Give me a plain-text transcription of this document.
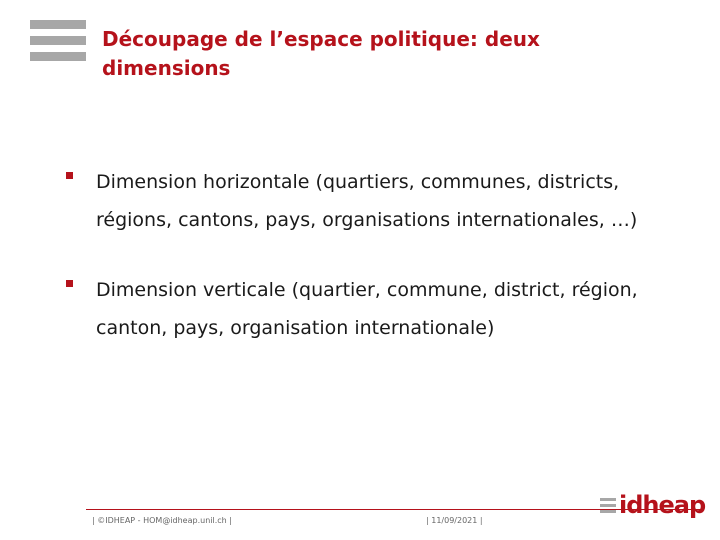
Découpage de l’espace politique: deux dimensions
Dimension horizontale (quartiers, communes, districts, régions, cantons, pays, organisations internationales, …)
Dimension verticale (quartier, commune, district, région, canton, pays, organisation internationale)
| ©IDHEAP - HOM@idheap.unil.ch |	| 11/09/2021 |
idheap
